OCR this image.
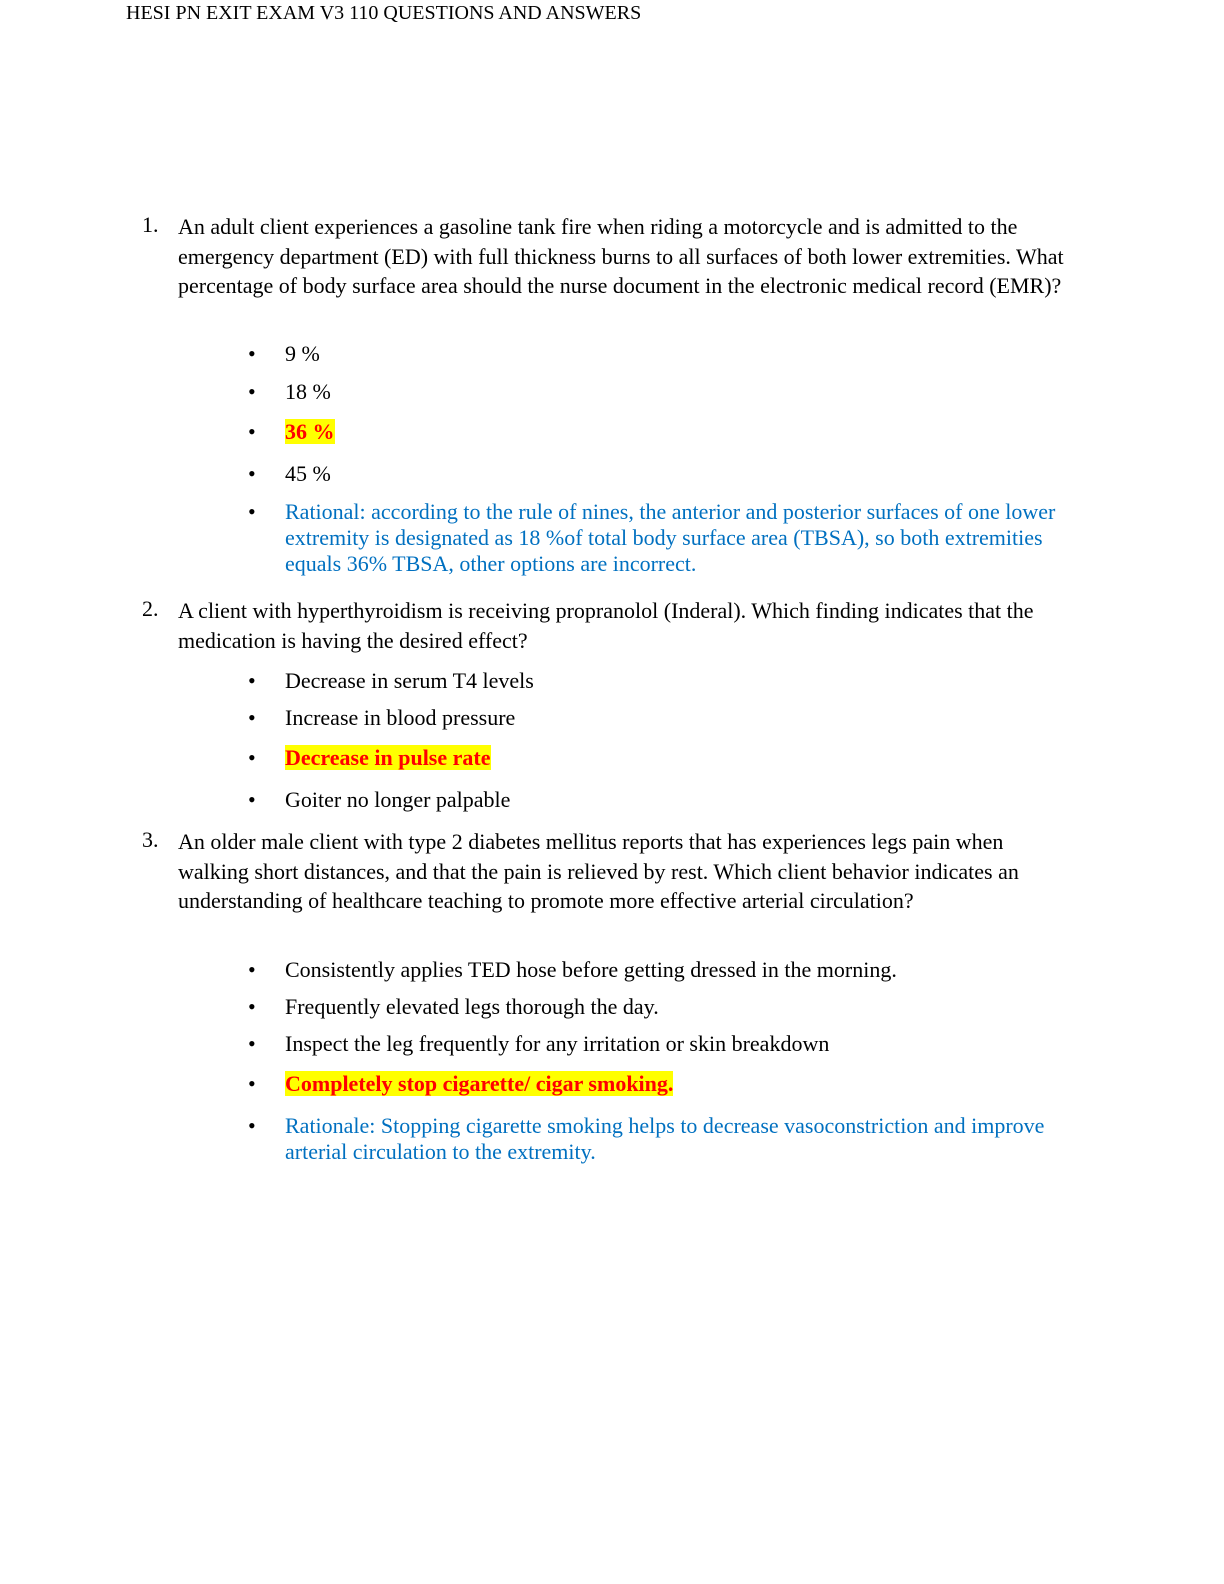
HESI PN EXIT EXAM V3 110 QUESTIONS AND ANSWERS
1. An adult client experiences a gasoline tank fire when riding a motorcycle and is admitted to the emergency department (ED) with full thickness burns to all surfaces of both lower extremities. What percentage of body surface area should the nurse document in the electronic medical record (EMR)?
• 9 %
• 18 %
• 36 %
• 45 %
• Rational: according to the rule of nines, the anterior and posterior surfaces of one lower extremity is designated as 18 %of total body surface area (TBSA), so both extremities equals 36% TBSA, other options are incorrect.
2. A client with hyperthyroidism is receiving propranolol (Inderal). Which finding indicates that the medication is having the desired effect?
• Decrease in serum T4 levels
• Increase in blood pressure
• Decrease in pulse rate
• Goiter no longer palpable
3. An older male client with type 2 diabetes mellitus reports that has experiences legs pain when walking short distances, and that the pain is relieved by rest. Which client behavior indicates an understanding of healthcare teaching to promote more effective arterial circulation?
• Consistently applies TED hose before getting dressed in the morning.
• Frequently elevated legs thorough the day.
• Inspect the leg frequently for any irritation or skin breakdown
• Completely stop cigarette/ cigar smoking.
• Rationale: Stopping cigarette smoking helps to decrease vasoconstriction and improve arterial circulation to the extremity.
